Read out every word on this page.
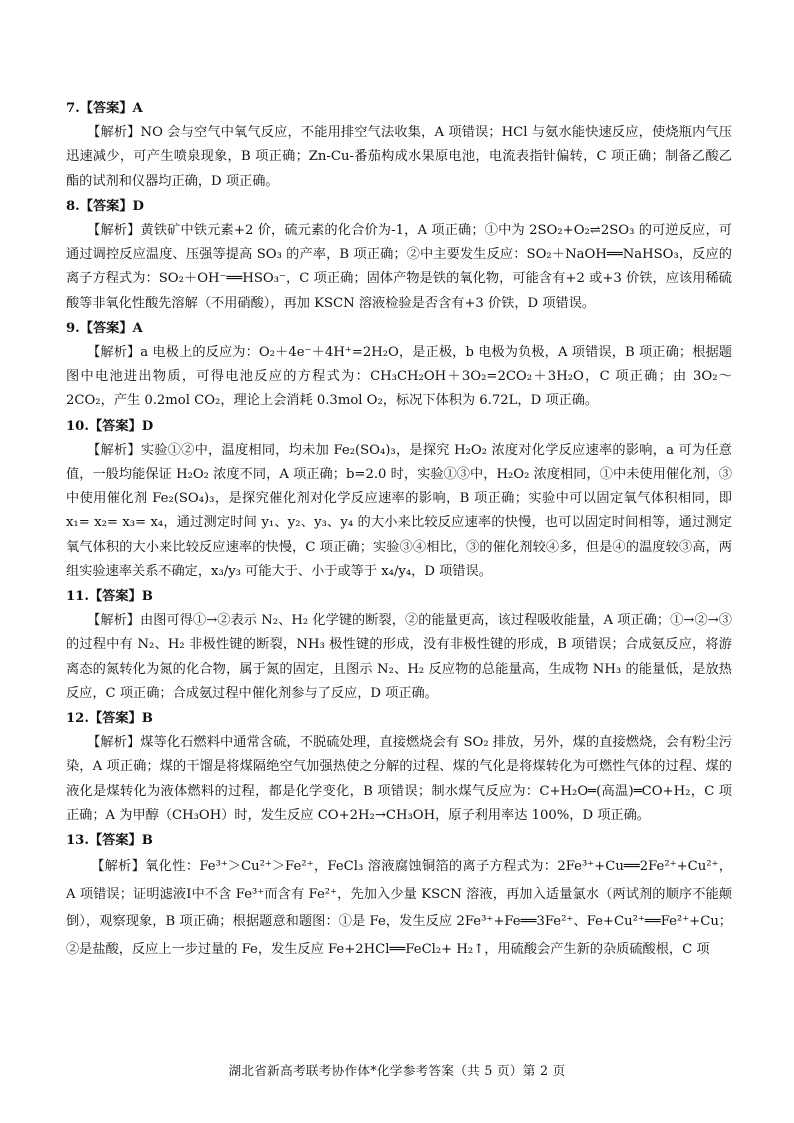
7.【答案】A

【解析】NO 会与空气中氧气反应，不能用排空气法收集，A 项错误；HCl 与氨水能快速反应，使烧瓶内气压迅速减少，可产生喷泉现象，B 项正确；Zn-Cu-番茄构成水果原电池，电流表指针偏转，C 项正确；制备乙酸乙酯的试剂和仪器均正确，D 项正确。

8.【答案】D

【解析】黄铁矿中铁元素+2 价，硫元素的化合价为-1，A 项正确；①中为 2SO₂+O₂⇌2SO₃ 的可逆反应，可通过调控反应温度、压强等提高 SO₃ 的产率，B 项正确；②中主要发生反应：SO₂＋NaOH══NaHSO₃，反应的离子方程式为：SO₂＋OH⁻══HSO₃⁻，C 项正确；固体产物是铁的氧化物，可能含有+2 或+3 价铁，应该用稀硫酸等非氧化性酸先溶解（不用硝酸），再加 KSCN 溶液检验是否含有+3 价铁，D 项错误。

9.【答案】A

【解析】a 电极上的反应为：O₂＋4e⁻＋4H⁺=2H₂O，是正极，b 电极为负极，A 项错误，B 项正确；根据题图中电池进出物质，可得电池反应的方程式为：CH₃CH₂OH＋3O₂=2CO₂＋3H₂O，C 项正确；由 3O₂～2CO₂，产生 0.2mol CO₂，理论上会消耗 0.3mol O₂，标况下体积为 6.72L，D 项正确。

10.【答案】D

【解析】实验①②中，温度相同，均未加 Fe₂(SO₄)₃，是探究 H₂O₂ 浓度对化学反应速率的影响，a 可为任意值，一般均能保证 H₂O₂ 浓度不同，A 项正确；b=2.0 时，实验①③中，H₂O₂ 浓度相同，①中未使用催化剂，③中使用催化剂 Fe₂(SO₄)₃，是探究催化剂对化学反应速率的影响，B 项正确；实验中可以固定氧气体积相同，即 x₁= x₂= x₃= x₄，通过测定时间 y₁、y₂、y₃、y₄ 的大小来比较反应速率的快慢，也可以固定时间相等，通过测定氧气体积的大小来比较反应速率的快慢，C 项正确；实验③④相比，③的催化剂较④多，但是④的温度较③高，两组实验速率关系不确定，x₃/y₃ 可能大于、小于或等于 x₄/y₄，D 项错误。

11.【答案】B

【解析】由图可得①→②表示 N₂、H₂ 化学键的断裂，②的能量更高，该过程吸收能量，A 项正确；①→②→③的过程中有 N₂、H₂ 非极性键的断裂，NH₃ 极性键的形成，没有非极性键的形成，B 项错误；合成氨反应，将游离态的氮转化为氮的化合物，属于氮的固定，且图示 N₂、H₂ 反应物的总能量高，生成物 NH₃ 的能量低，是放热反应，C 项正确；合成氨过程中催化剂参与了反应，D 项正确。

12.【答案】B

【解析】煤等化石燃料中通常含硫，不脱硫处理，直接燃烧会有 SO₂ 排放，另外，煤的直接燃烧，会有粉尘污染，A 项正确；煤的干馏是将煤隔绝空气加强热使之分解的过程、煤的气化是将煤转化为可燃性气体的过程、煤的液化是煤转化为液体燃料的过程，都是化学变化，B 项错误；制水煤气反应为：C+H₂O═(高温)═CO+H₂，C 项正确；A 为甲醇（CH₃OH）时，发生反应 CO+2H₂→CH₃OH，原子利用率达 100%，D 项正确。

13.【答案】B

【解析】氧化性：Fe³⁺＞Cu²⁺＞Fe²⁺，FeCl₃ 溶液腐蚀铜箔的离子方程式为：2Fe³⁺+Cu══2Fe²⁺+Cu²⁺，A 项错误；证明滤液Ⅰ中不含 Fe³⁺而含有 Fe²⁺，先加入少量 KSCN 溶液，再加入适量氯水（两试剂的顺序不能颠倒），观察现象，B 项正确；根据题意和题图：①是 Fe，发生反应 2Fe³⁺+Fe══3Fe²⁺、Fe+Cu²⁺══Fe²⁺+Cu；②是盐酸，反应上一步过量的 Fe，发生反应 Fe+2HCl══FeCl₂+ H₂↑，用硫酸会产生新的杂质硫酸根，C 项

湖北省新高考联考协作体*化学参考答案（共 5 页）第 2 页
